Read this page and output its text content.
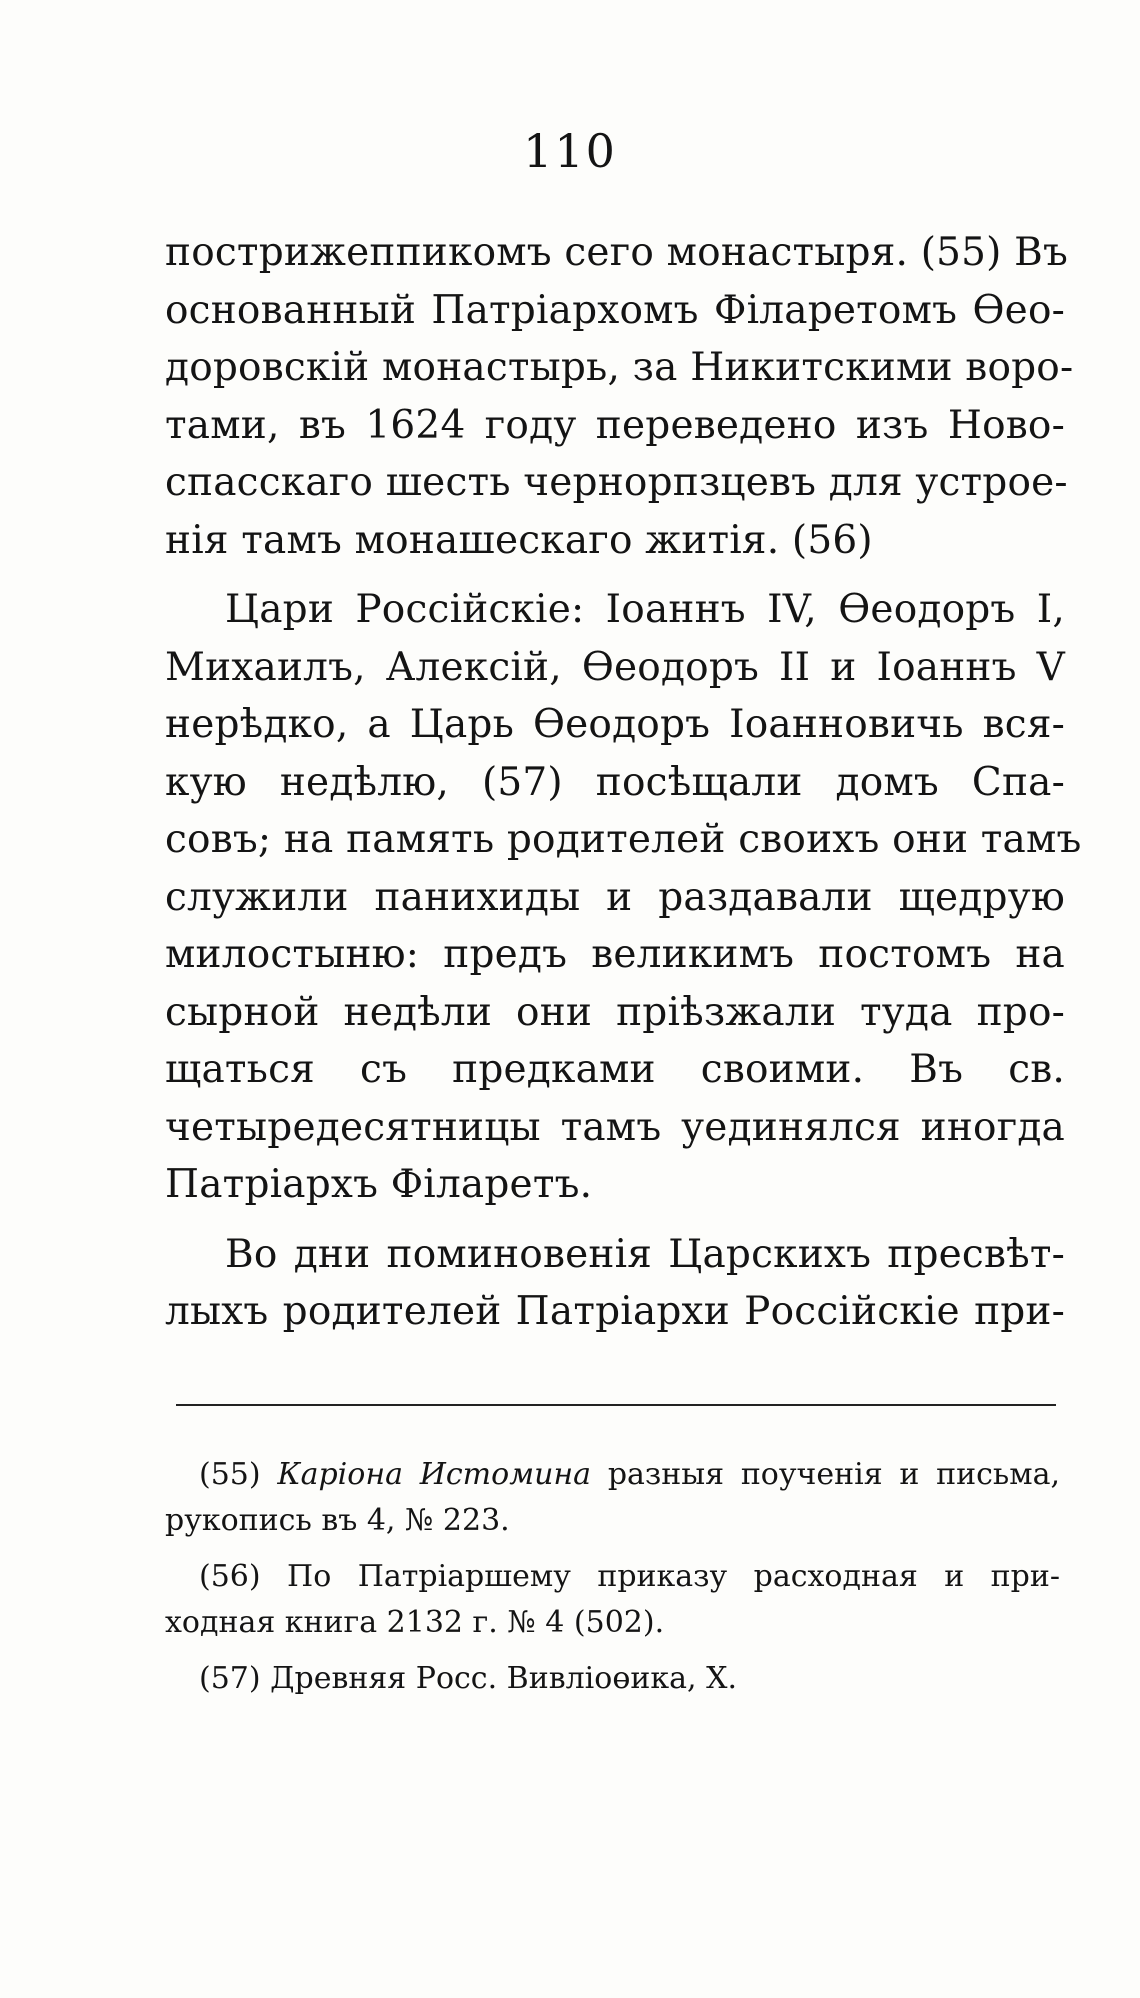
110
пострижеппикомъ сего монастыря. (55) Въ
основанный Патріархомъ Філаретомъ Өео-
доровскій монастырь, за Никитскими воро-
тами, въ 1624 году переведено изъ Ново-
спасскаго шесть чернорпзцевъ для устрое-
нія тамъ монашескаго житія. (56)
Цари Россійскіе: Іоаннъ IV, Өеодоръ I,
Михаилъ, Алексій, Өеодоръ II и Іоаннъ V
нерѣдко, а Царь Өеодоръ Іоанновичь вся-
кую недѣлю, (57) посѣщали домъ Спа-
совъ; на память родителей своихъ они тамъ
служили панихиды и раздавали щедрую
милостыню: предъ великимъ постомъ на
сырной недѣли они пріѣзжали туда про-
щаться съ предками своими. Въ св.
четыредесятницы тамъ уединялся иногда
Патріархъ Філаретъ.
Во дни поминовенія Царскихъ пресвѣт-
лыхъ родителей Патріархи Россійскіе при-
(55) Каріона Истомина разныя поученія и письма,
рукопись въ 4, № 223.
(56) По Патріаршему приказу расходная и при-
ходная книга 2132 г. № 4 (502).
(57) Древняя Росс. Вивліоөика, X.
